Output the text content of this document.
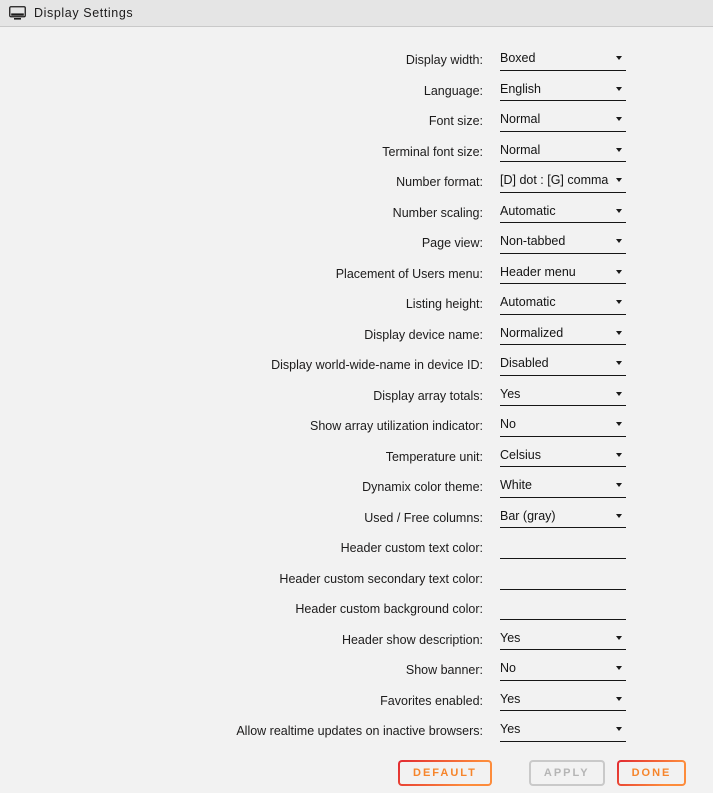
Display Settings
Display width: Boxed
Language: English
Font size: Normal
Terminal font size: Normal
Number format: [D] dot : [G] comma
Number scaling: Automatic
Page view: Non-tabbed
Placement of Users menu: Header menu
Listing height: Automatic
Display device name: Normalized
Display world-wide-name in device ID: Disabled
Display array totals: Yes
Show array utilization indicator: No
Temperature unit: Celsius
Dynamix color theme: White
Used / Free columns: Bar (gray)
Header custom text color:
Header custom secondary text color:
Header custom background color:
Header show description: Yes
Show banner: No
Favorites enabled: Yes
Allow realtime updates on inactive browsers: Yes
DEFAULT	APPLY	DONE
